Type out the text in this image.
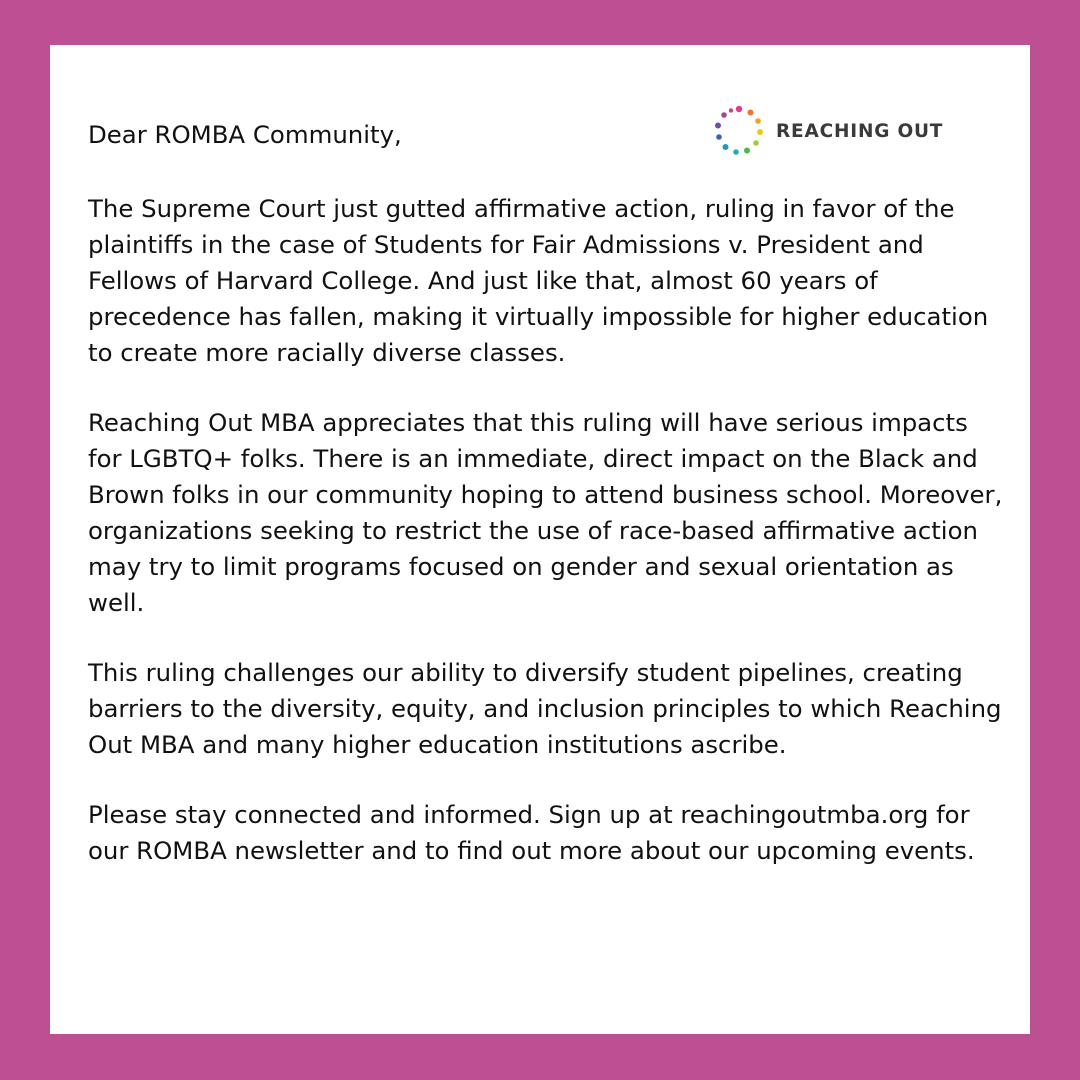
REACHING OUT

Dear ROMBA Community,

The Supreme Court just gutted affirmative action, ruling in favor of the plaintiffs in the case of Students for Fair Admissions v. President and Fellows of Harvard College. And just like that, almost 60 years of precedence has fallen, making it virtually impossible for higher education to create more racially diverse classes.

Reaching Out MBA appreciates that this ruling will have serious impacts for LGBTQ+ folks. There is an immediate, direct impact on the Black and Brown folks in our community hoping to attend business school. Moreover, organizations seeking to restrict the use of race-based affirmative action may try to limit programs focused on gender and sexual orientation as well.

This ruling challenges our ability to diversify student pipelines, creating barriers to the diversity, equity, and inclusion principles to which Reaching Out MBA and many higher education institutions ascribe.

Please stay connected and informed. Sign up at reachingoutmba.org for our ROMBA newsletter and to find out more about our upcoming events.
